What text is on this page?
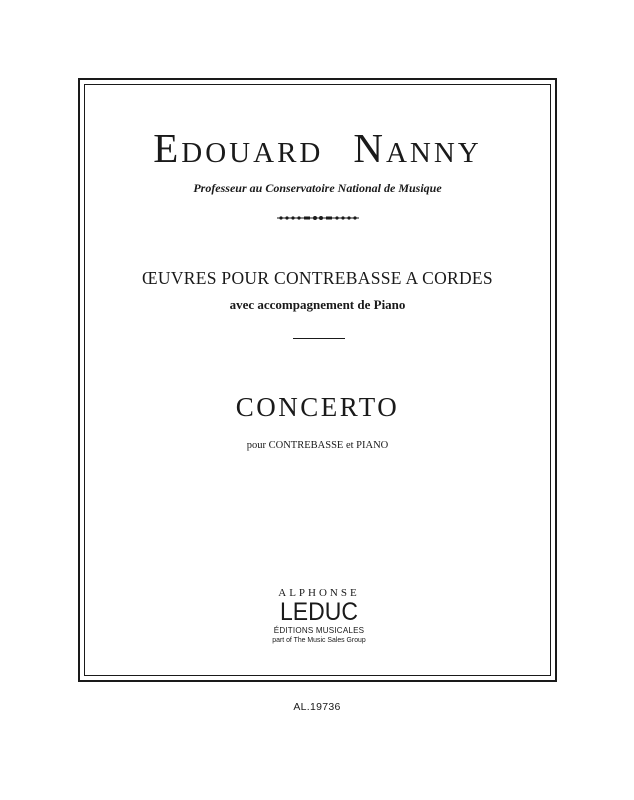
Edouard Nanny
Professeur au Conservatoire National de Musique
ŒUVRES POUR CONTREBASSE A CORDES
avec accompagnement de Piano
CONCERTO
pour CONTREBASSE et PIANO
ALPHONSE
LEDUC
ÉDITIONS MUSICALES
part of The Music Sales Group
AL.19736
